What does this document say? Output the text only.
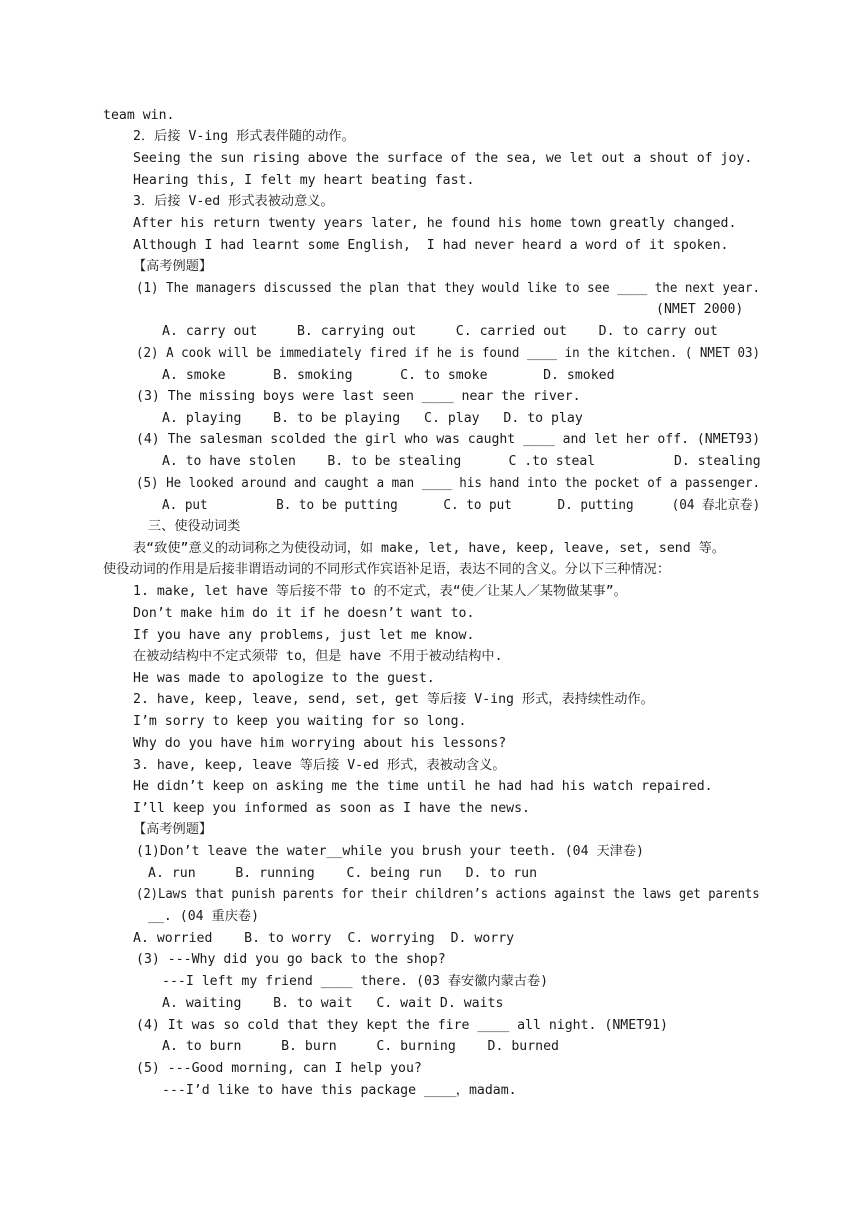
team win.
2．后接 V-ing 形式表伴随的动作。
Seeing the sun rising above the surface of the sea, we let out a shout of joy.
Hearing this, I felt my heart beating fast.
3．后接 V-ed 形式表被动意义。
After his return twenty years later, he found his home town greatly changed.
Although I had learnt some English,  I had never heard a word of it spoken.
【高考例题】
(1) The managers discussed the plan that they would like to see ____ the next year.
(NMET 2000)
A. carry out     B. carrying out     C. carried out    D. to carry out
(2) A cook will be immediately fired if he is found ____ in the kitchen. ( NMET 03)
A. smoke      B. smoking      C. to smoke       D. smoked
(3) The missing boys were last seen ____ near the river.
A. playing    B. to be playing   C. play   D. to play
(4) The salesman scolded the girl who was caught ____ and let her off. (NMET93)
A. to have stolen    B. to be stealing      C .to steal          D. stealing
(5) He looked around and caught a man ____ his hand into the pocket of a passenger.
A. put         B. to be putting      C. to put      D. putting     (04 春北京卷)
三、使役动词类
表“致使”意义的动词称之为使役动词，如 make, let, have, keep, leave, set, send 等。
使役动词的作用是后接非谓语动词的不同形式作宾语补足语，表达不同的含义。分以下三种情况：
1. make, let have 等后接不带 to 的不定式，表“使／让某人／某物做某事”。
Don’t make him do it if he doesn’t want to.
If you have any problems, just let me know.
在被动结构中不定式须带 to，但是 have 不用于被动结构中.
He was made to apologize to the guest.
2. have, keep, leave, send, set, get 等后接 V-ing 形式，表持续性动作。
I’m sorry to keep you waiting for so long.
Why do you have him worrying about his lessons?
3. have, keep, leave 等后接 V-ed 形式，表被动含义。
He didn’t keep on asking me the time until he had had his watch repaired.
I’ll keep you informed as soon as I have the news.
【高考例题】
(1)Don’t leave the water__while you brush your teeth. (04 天津卷)
A. run     B. running    C. being run   D. to run
(2)Laws that punish parents for their children’s actions against the laws get parents
__. (04 重庆卷)
A. worried    B. to worry  C. worrying  D. worry
(3) ---Why did you go back to the shop?
---I left my friend ____ there. (03 春安徽内蒙古卷)
A. waiting    B. to wait   C. wait D. waits
(4) It was so cold that they kept the fire ____ all night. (NMET91)
A. to burn     B. burn     C. burning    D. burned
(5) ---Good morning, can I help you?
---I’d like to have this package ____，madam.
